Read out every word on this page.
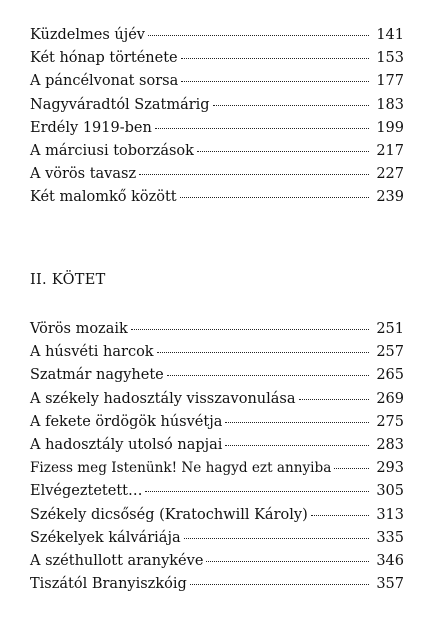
Küzdelmes újév	141
Két hónap története	153
A páncélvonat sorsa	177
Nagyváradtól Szatmárig	183
Erdély 1919-ben	199
A márciusi toborzások	217
A vörös tavasz	227
Két malomkő között	239
II. KÖTET
Vörös mozaik	251
A húsvéti harcok	257
Szatmár nagyhete	265
A székely hadosztály visszavonulása	269
A fekete ördögök húsvétja	275
A hadosztály utolsó napjai	283
Fizess meg Istenünk! Ne hagyd ezt annyiba	293
Elvégeztetett…	305
Székely dicsőség (Kratochwill Károly)	313
Székelyek kálváriája	335
A széthullott aranykéve	346
Tiszától Branyiszkóig	357
